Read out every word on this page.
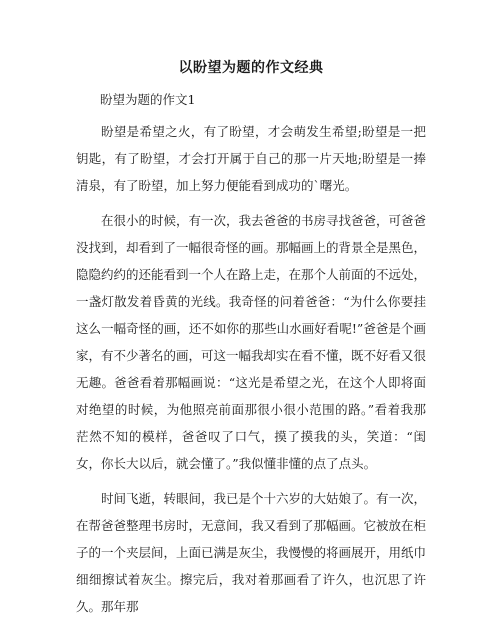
以盼望为题的作文经典
盼望为题的作文1

盼望是希望之火，有了盼望，才会萌发生希望;盼望是一把钥匙，有了盼望，才会打开属于自己的那一片天地;盼望是一捧清泉，有了盼望，加上努力便能看到成功的`曙光。

在很小的时候，有一次，我去爸爸的书房寻找爸爸，可爸爸没找到，却看到了一幅很奇怪的画。那幅画上的背景全是黑色，隐隐约约的还能看到一个人在路上走，在那个人前面的不远处，一盏灯散发着昏黄的光线。我奇怪的问着爸爸：“为什么你要挂这么一幅奇怪的画，还不如你的那些山水画好看呢!”爸爸是个画家，有不少著名的画，可这一幅我却实在看不懂，既不好看又很无趣。爸爸看着那幅画说：“这光是希望之光，在这个人即将面对绝望的时候，为他照亮前面那很小很小范围的路。”看着我那茫然不知的模样，爸爸叹了口气，摸了摸我的头，笑道：“闺女，你长大以后，就会懂了。”我似懂非懂的点了点头。

时间飞逝，转眼间，我已是个十六岁的大姑娘了。有一次，在帮爸爸整理书房时，无意间，我又看到了那幅画。它被放在柜子的一个夹层间，上面已满是灰尘，我慢慢的将画展开，用纸巾细细擦试着灰尘。擦完后，我对着那画看了许久，也沉思了许久。那年那
